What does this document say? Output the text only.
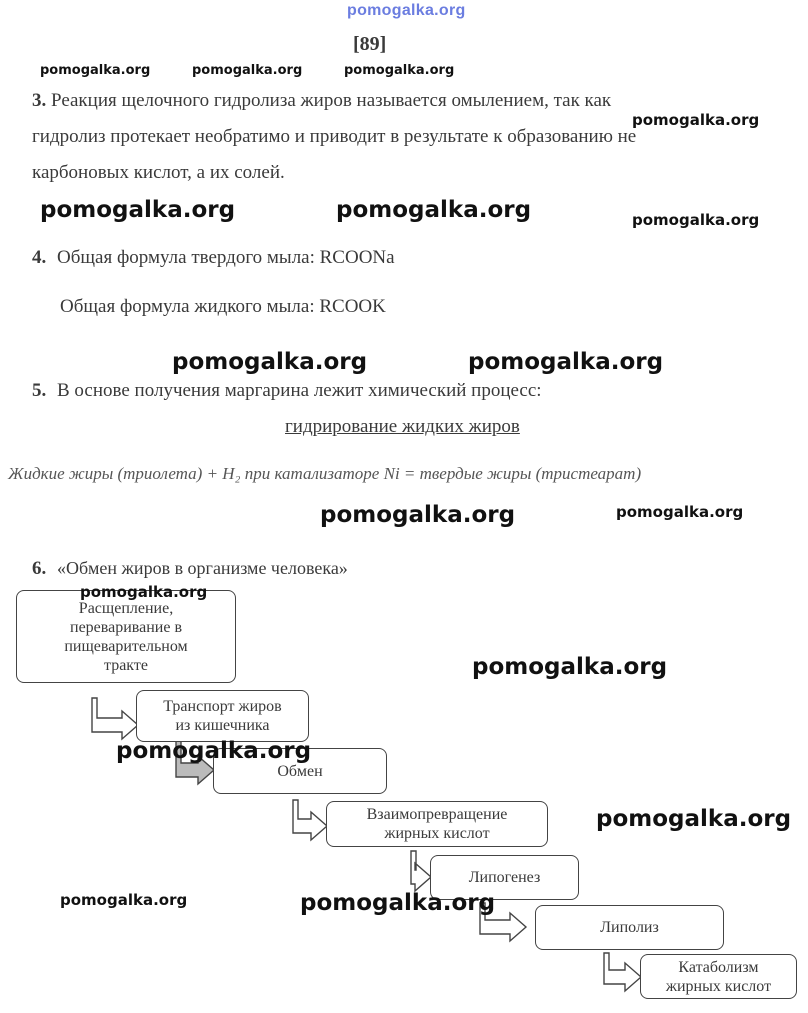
pomogalka.org
[89]
pomogalka.org	pomogalka.org	pomogalka.org
3. Реакция щелочного гидролиза жиров называется омылением, так как
гидролиз протекает необратимо и приводит в результате к образованию не
карбоновых кислот, а их солей.
pomogalka.org
pomogalka.org	pomogalka.org	pomogalka.org
4. Общая формула твердого мыла: RCOONa
Общая формула жидкого мыла: RCOOK
pomogalka.org	pomogalka.org
5. В основе получения маргарина лежит химический процесс:
гидрирование жидких жиров
Жидкие жиры (триолета) + H₂ при катализаторе Ni = твердые жиры (тристеарат)
pomogalka.org	pomogalka.org
6. «Обмен жиров в организме человека»
Расщепление,
переваривание в
пищеварительном
тракте
Транспорт жиров
из кишечника
Обмен
Взаимопревращение
жирных кислот
Липогенез
Липолиз
Катаболизм
жирных кислот
pomogalka.org
pomogalka.org
pomogalka.org
pomogalka.org
pomogalka.org	pomogalka.org
